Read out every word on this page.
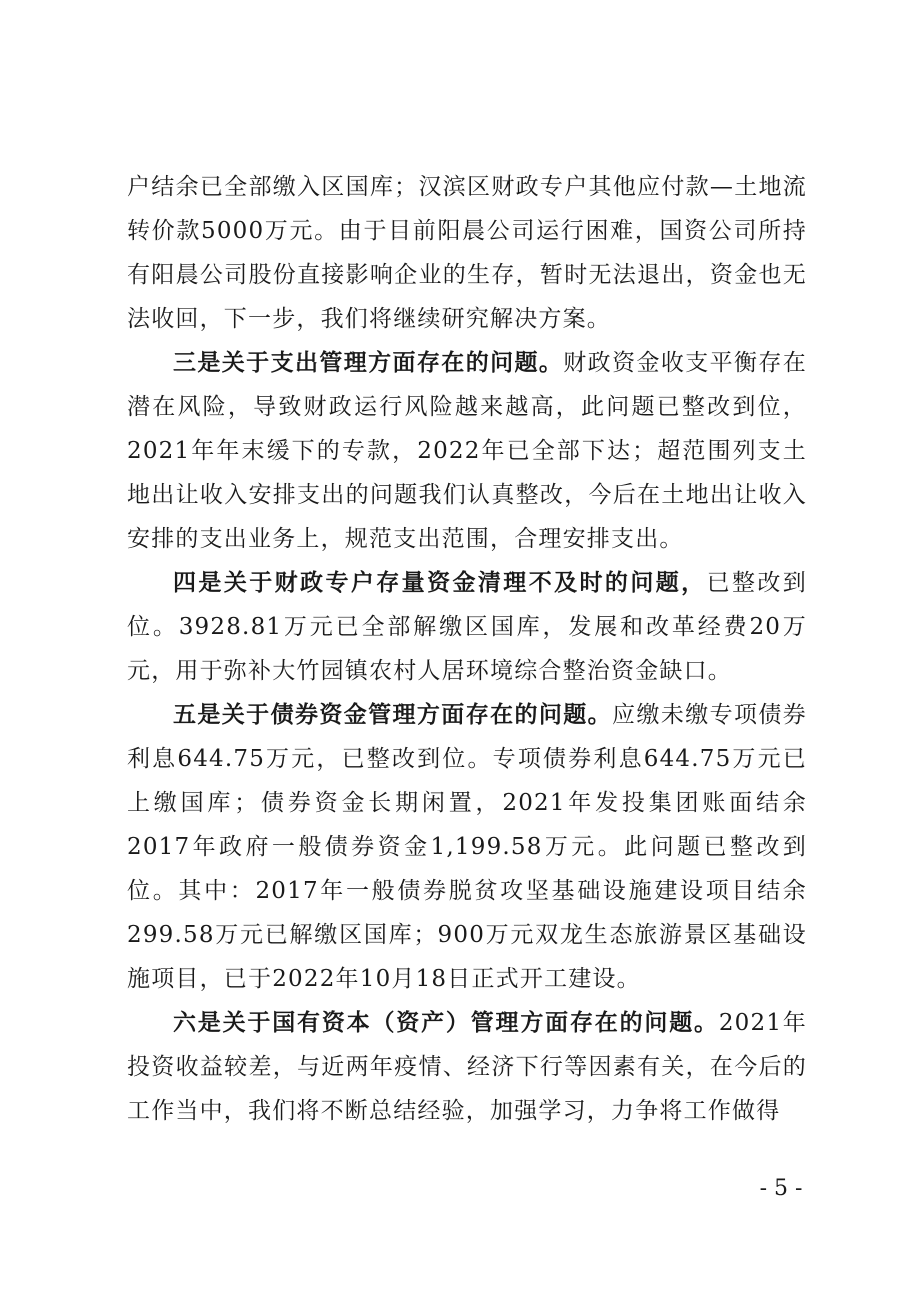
户结余已全部缴入区国库；汉滨区财政专户其他应付款—土地流转价款5000万元。由于目前阳晨公司运行困难，国资公司所持有阳晨公司股份直接影响企业的生存，暂时无法退出，资金也无法收回，下一步，我们将继续研究解决方案。

三是关于支出管理方面存在的问题。财政资金收支平衡存在潜在风险，导致财政运行风险越来越高，此问题已整改到位，2021年年末缓下的专款，2022年已全部下达；超范围列支土地出让收入安排支出的问题我们认真整改，今后在土地出让收入安排的支出业务上，规范支出范围，合理安排支出。

四是关于财政专户存量资金清理不及时的问题，已整改到位。3928.81万元已全部解缴区国库，发展和改革经费20万元，用于弥补大竹园镇农村人居环境综合整治资金缺口。

五是关于债券资金管理方面存在的问题。应缴未缴专项债券利息644.75万元，已整改到位。专项债券利息644.75万元已上缴国库；债券资金长期闲置，2021年发投集团账面结余2017年政府一般债券资金1,199.58万元。此问题已整改到位。其中：2017年一般债券脱贫攻坚基础设施建设项目结余299.58万元已解缴区国库；900万元双龙生态旅游景区基础设施项目，已于2022年10月18日正式开工建设。

六是关于国有资本（资产）管理方面存在的问题。2021年投资收益较差，与近两年疫情、经济下行等因素有关，在今后的工作当中，我们将不断总结经验，加强学习，力争将工作做得

- 5 -
